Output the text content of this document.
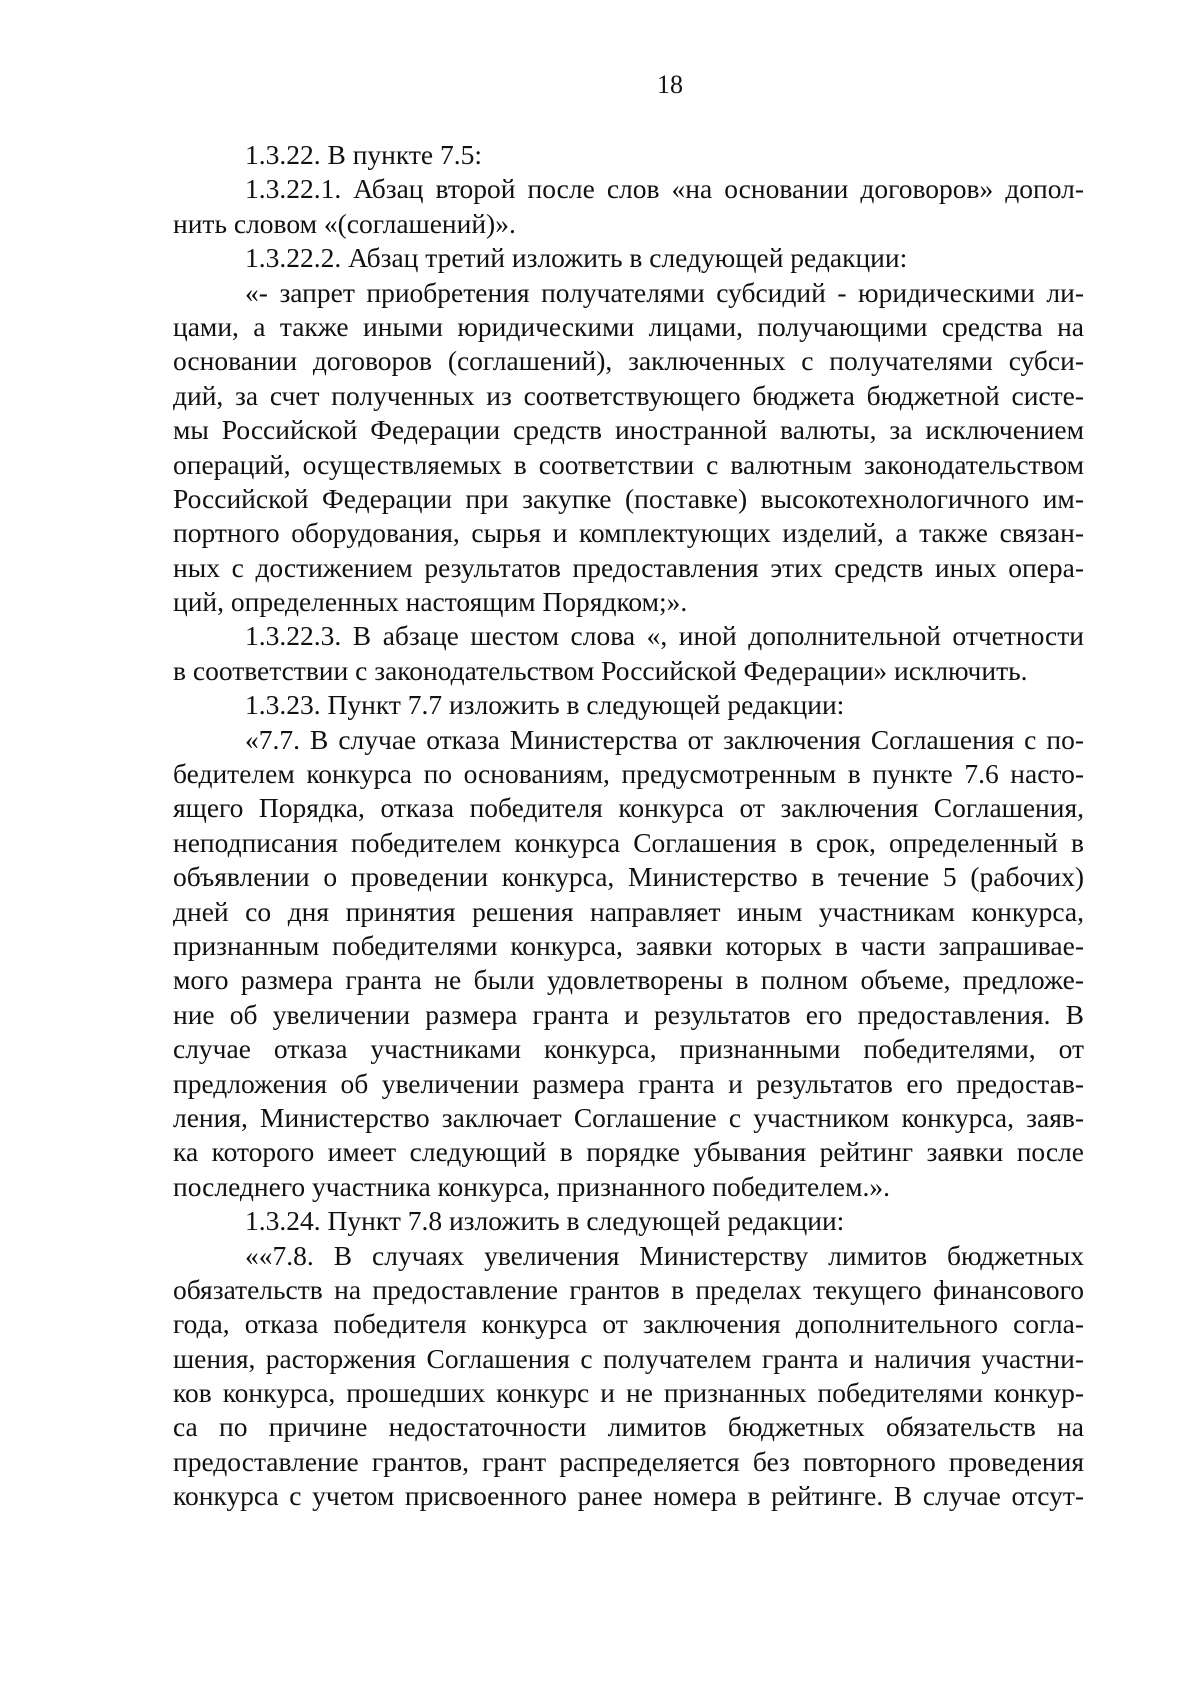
18
1.3.22. В пункте 7.5:
1.3.22.1. Абзац второй после слов «на основании договоров» допол-
нить словом «(соглашений)».
1.3.22.2. Абзац третий изложить в следующей редакции:
«- запрет приобретения получателями субсидий - юридическими ли-
цами, а также иными юридическими лицами, получающими средства на
основании договоров (соглашений), заключенных с получателями субси-
дий, за счет полученных из соответствующего бюджета бюджетной систе-
мы Российской Федерации средств иностранной валюты, за исключением
операций, осуществляемых в соответствии с валютным законодательством
Российской Федерации при закупке (поставке) высокотехнологичного им-
портного оборудования, сырья и комплектующих изделий, а также связан-
ных с достижением результатов предоставления этих средств иных опера-
ций, определенных настоящим Порядком;».
1.3.22.3. В абзаце шестом слова «, иной дополнительной отчетности
в соответствии с законодательством Российской Федерации» исключить.
1.3.23. Пункт 7.7 изложить в следующей редакции:
«7.7. В случае отказа Министерства от заключения Соглашения с по-
бедителем конкурса по основаниям, предусмотренным в пункте 7.6 насто-
ящего Порядка, отказа победителя конкурса от заключения Соглашения,
неподписания победителем конкурса Соглашения в срок, определенный в
объявлении о проведении конкурса, Министерство в течение 5 (рабочих)
дней со дня принятия решения направляет иным участникам конкурса,
признанным победителями конкурса, заявки которых в части запрашивае-
мого размера гранта не были удовлетворены в полном объеме, предложе-
ние об увеличении размера гранта и результатов его предоставления. В
случае отказа участниками конкурса, признанными победителями, от
предложения об увеличении размера гранта и результатов его предостав-
ления, Министерство заключает Соглашение с участником конкурса, заяв-
ка которого имеет следующий в порядке убывания рейтинг заявки после
последнего участника конкурса, признанного победителем.».
1.3.24. Пункт 7.8 изложить в следующей редакции:
««7.8. В случаях увеличения Министерству лимитов бюджетных
обязательств на предоставление грантов в пределах текущего финансового
года, отказа победителя конкурса от заключения дополнительного согла-
шения, расторжения Соглашения с получателем гранта и наличия участни-
ков конкурса, прошедших конкурс и не признанных победителями конкур-
са по причине недостаточности лимитов бюджетных обязательств на
предоставление грантов, грант распределяется без повторного проведения
конкурса с учетом присвоенного ранее номера в рейтинге. В случае отсут-
